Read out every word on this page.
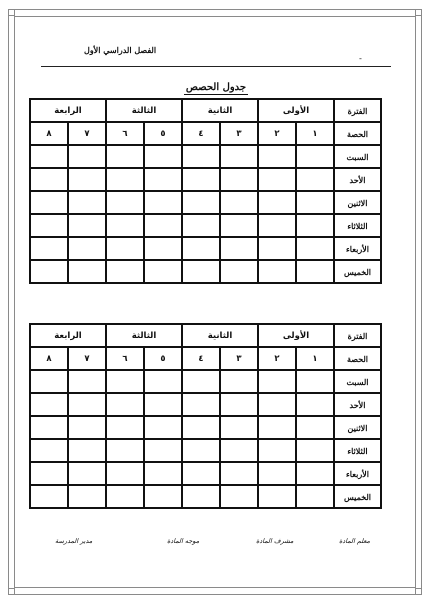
الفصل الدراسي الأول
-
جدول الحصص
الفترة	الأولى		الثانية		الثالثة		الرابعة	
الحصة	١	٢	٣	٤	٥	٦	٧	٨
السبت								
الأحد								
الاثنين								
الثلاثاء								
الأربعاء								
الخميس								
الفترة	الأولى		الثانية		الثالثة		الرابعة	
الحصة	١	٢	٣	٤	٥	٦	٧	٨
السبت								
الأحد								
الاثنين								
الثلاثاء								
الأربعاء								
الخميس								
معلم المادة
مشرف المادة
موجه المادة
مدير المدرسة
